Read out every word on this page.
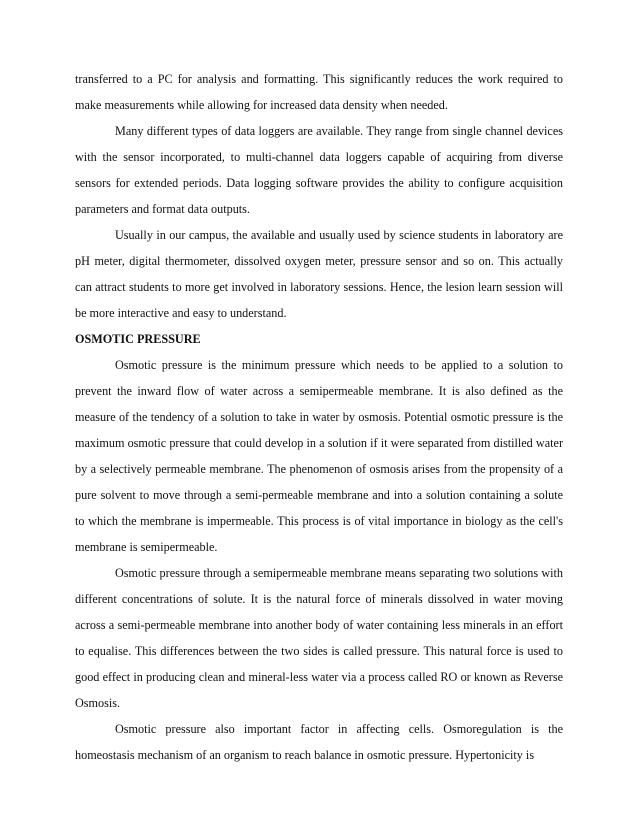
transferred to a PC for analysis and formatting. This significantly reduces the work required to make measurements while allowing for increased data density when needed.

Many different types of data loggers are available. They range from single channel devices with the sensor incorporated, to multi-channel data loggers capable of acquiring from diverse sensors for extended periods. Data logging software provides the ability to configure acquisition parameters and format data outputs.

Usually in our campus, the available and usually used by science students in laboratory are pH meter, digital thermometer, dissolved oxygen meter, pressure sensor and so on. This actually can attract students to more get involved in laboratory sessions. Hence, the lesion learn session will be more interactive and easy to understand.

OSMOTIC PRESSURE

Osmotic pressure is the minimum pressure which needs to be applied to a solution to prevent the inward flow of water across a semipermeable membrane. It is also defined as the measure of the tendency of a solution to take in water by osmosis. Potential osmotic pressure is the maximum osmotic pressure that could develop in a solution if it were separated from distilled water by a selectively permeable membrane. The phenomenon of osmosis arises from the propensity of a pure solvent to move through a semi-permeable membrane and into a solution containing a solute to which the membrane is impermeable. This process is of vital importance in biology as the cell's membrane is semipermeable.

Osmotic pressure through a semipermeable membrane means separating two solutions with different concentrations of solute. It is the natural force of minerals dissolved in water moving across a semi-permeable membrane into another body of water containing less minerals in an effort to equalise. This differences between the two sides is called pressure. This natural force is used to good effect in producing clean and mineral-less water via a process called RO or known as Reverse Osmosis.

Osmotic pressure also important factor in affecting cells. Osmoregulation is the homeostasis mechanism of an organism to reach balance in osmotic pressure. Hypertonicity is
